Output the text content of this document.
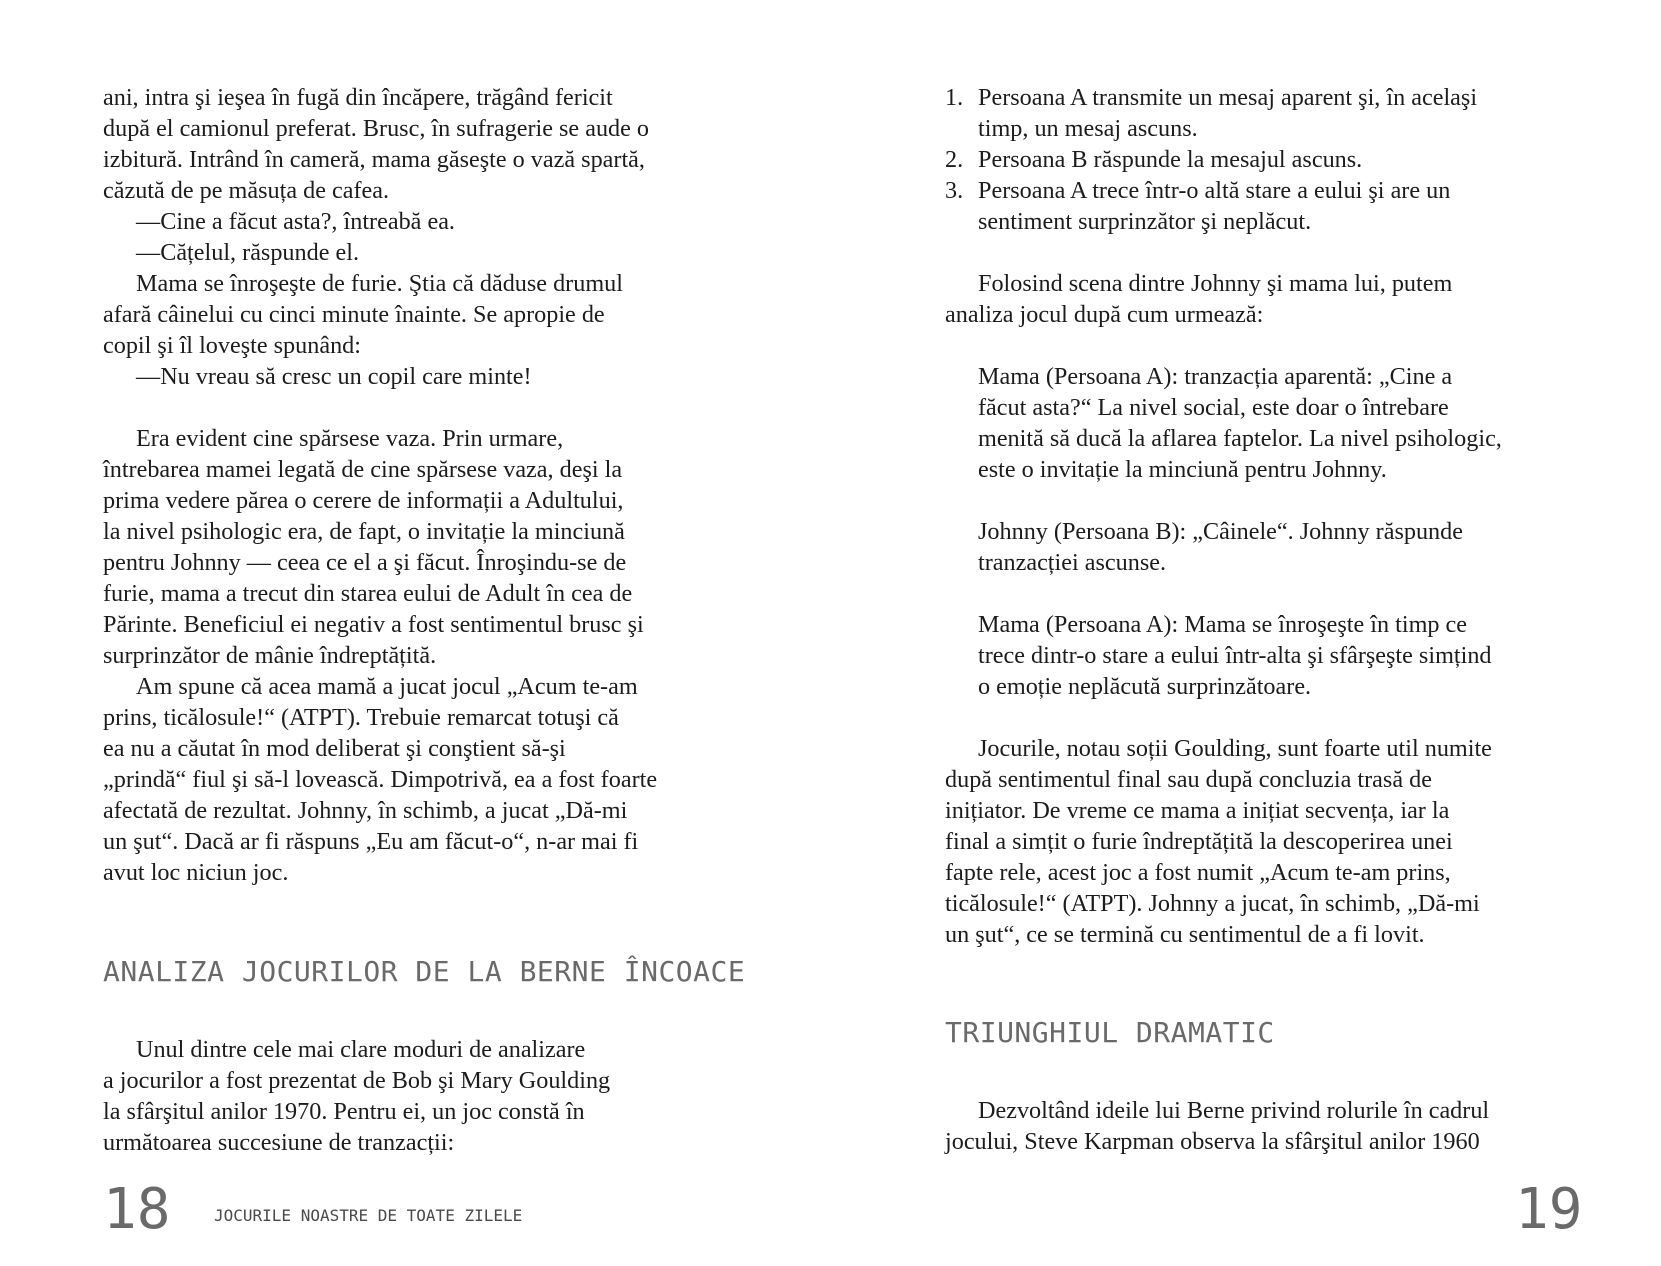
ani, intra şi ieşea în fugă din încăpere, trăgând fericit
după el camionul preferat. Brusc, în sufragerie se aude o
izbitură. Intrând în cameră, mama găseşte o vază spartă,
căzută de pe măsuța de cafea.
—Cine a făcut asta?, întreabă ea.
—Cățelul, răspunde el.
Mama se înroşeşte de furie. Ştia că dăduse drumul
afară câinelui cu cinci minute înainte. Se apropie de
copil şi îl loveşte spunând:
—Nu vreau să cresc un copil care minte!
Era evident cine spărsese vaza. Prin urmare,
întrebarea mamei legată de cine spărsese vaza, deşi la
prima vedere părea o cerere de informații a Adultului,
la nivel psihologic era, de fapt, o invitație la minciună
pentru Johnny — ceea ce el a şi făcut. Înroşindu-se de
furie, mama a trecut din starea eului de Adult în cea de
Părinte. Beneficiul ei negativ a fost sentimentul brusc şi
surprinzător de mânie îndreptățită.
Am spune că acea mamă a jucat jocul „Acum te-am
prins, ticălosule!“ (ATPT). Trebuie remarcat totuşi că
ea nu a căutat în mod deliberat şi conştient să-şi
„prindă“ fiul şi să-l lovească. Dimpotrivă, ea a fost foarte
afectată de rezultat. Johnny, în schimb, a jucat „Dă-mi
un şut“. Dacă ar fi răspuns „Eu am făcut-o“, n-ar mai fi
avut loc niciun joc.
ANALIZA JOCURILOR DE LA BERNE ÎNCOACE
Unul dintre cele mai clare moduri de analizare
a jocurilor a fost prezentat de Bob şi Mary Goulding
la sfârşitul anilor 1970. Pentru ei, un joc constă în
următoarea succesiune de tranzacții:
18	JOCURILE NOASTRE DE TOATE ZILELE
1. Persoana A transmite un mesaj aparent şi, în acelaşi
timp, un mesaj ascuns.
2. Persoana B răspunde la mesajul ascuns.
3. Persoana A trece într-o altă stare a eului şi are un
sentiment surprinzător şi neplăcut.
Folosind scena dintre Johnny şi mama lui, putem
analiza jocul după cum urmează:
Mama (Persoana A): tranzacția aparentă: „Cine a
făcut asta?“ La nivel social, este doar o întrebare
menită să ducă la aflarea faptelor. La nivel psihologic,
este o invitație la minciună pentru Johnny.
Johnny (Persoana B): „Câinele“. Johnny răspunde
tranzacției ascunse.
Mama (Persoana A): Mama se înroşeşte în timp ce
trece dintr-o stare a eului într-alta şi sfârşeşte simțind
o emoție neplăcută surprinzătoare.
Jocurile, notau soții Goulding, sunt foarte util numite
după sentimentul final sau după concluzia trasă de
inițiator. De vreme ce mama a inițiat secvența, iar la
final a simțit o furie îndreptățită la descoperirea unei
fapte rele, acest joc a fost numit „Acum te-am prins,
ticălosule!“ (ATPT). Johnny a jucat, în schimb, „Dă-mi
un şut“, ce se termină cu sentimentul de a fi lovit.
TRIUNGHIUL DRAMATIC
Dezvoltând ideile lui Berne privind rolurile în cadrul
jocului, Steve Karpman observa la sfârşitul anilor 1960
19
